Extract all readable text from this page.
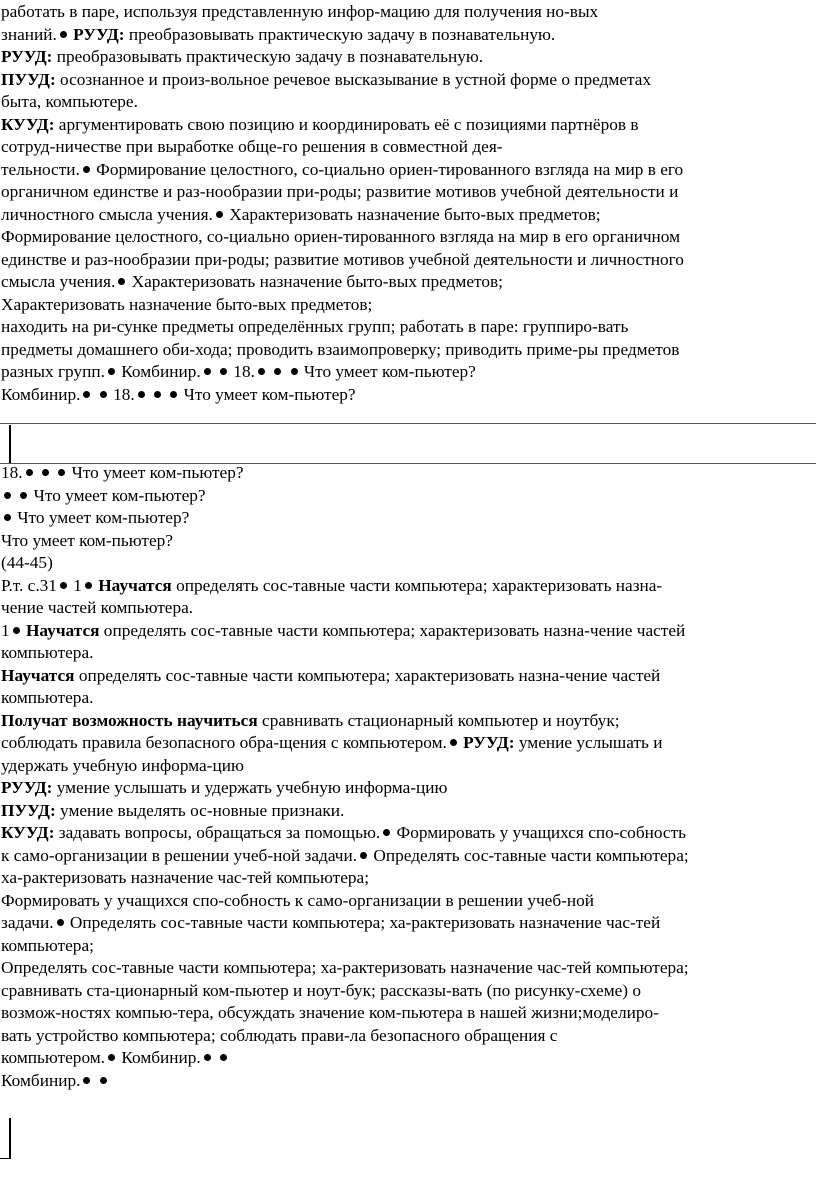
работать в паре, используя представленную инфор-мацию для получения но-вых
знаний. РУУД: преобразовывать практическую задачу в познавательную.
РУУД: преобразовывать практическую задачу в познавательную.
ПУУД: осознанное и произ-вольное речевое высказывание в устной форме о предметах
быта, компьютере.
КУУД: аргументировать свою позицию и координировать её с позициями партнёров в
сотруд-ничестве при выработке обще-го решения в совместной дея-
тельности. Формирование целостного, со-циально ориен-тированного взгляда на мир в его
органичном единстве и раз-нообразии при-роды; развитие мотивов учебной деятельности и
личностного смысла учения. Характеризовать назначение быто-вых предметов;
Формирование целостного, со-циально ориен-тированного взгляда на мир в его органичном
единстве и раз-нообразии при-роды; развитие мотивов учебной деятельности и личностного
смысла учения. Характеризовать назначение быто-вых предметов;
Характеризовать назначение быто-вых предметов;
находить на ри-сунке предметы определённых групп; работать в паре: группиро-вать
предметы домашнего оби-хода; проводить взаимопроверку; приводить приме-ры предметов
разных групп. Комбинир.  18.	Что умеет ком-пьютер?
Комбинир.  18.	Что умеет ком-пьютер?
18.	Что умеет ком-пьютер?
Что умеет ком-пьютер?
Что умеет ком-пьютер?
Что умеет ком-пьютер?
(44-45)
Р.т. с.31 1 Научатся определять сос-тавные части компьютера; характеризовать назна-
чение частей компьютера.
1 Научатся определять сос-тавные части компьютера; характеризовать назна-чение частей
компьютера.
Научатся определять сос-тавные части компьютера; характеризовать назна-чение частей
компьютера.
Получат возможность научиться сравнивать стационарный компьютер и ноутбук;
соблюдать правила безопасного обра-щения с компьютером. РУУД: умение услышать и
удержать учебную информа-цию
РУУД: умение услышать и удержать учебную информа-цию
ПУУД: умение выделять ос-новные признаки.
КУУД: задавать вопросы, обращаться за помощью. Формировать у учащихся спо-собность
к само-организации в решении учеб-ной задачи. Определять сос-тавные части компьютера;
ха-рактеризовать назначение час-тей компьютера;
Формировать у учащихся спо-собность к само-организации в решении учеб-ной
задачи. Определять сос-тавные части компьютера; ха-рактеризовать назначение час-тей
компьютера;
Определять сос-тавные части компьютера; ха-рактеризовать назначение час-тей компьютера;
сравнивать ста-ционарный ком-пьютер и ноут-бук; рассказы-вать (по рисунку-схеме) о
возмож-ностях компью-тера, обсуждать значение ком-пьютера в нашей жизни;моделиро-
вать устройство компьютера; соблюдать прави-ла безопасного обращения с
компьютером. Комбинир.
Комбинир.
